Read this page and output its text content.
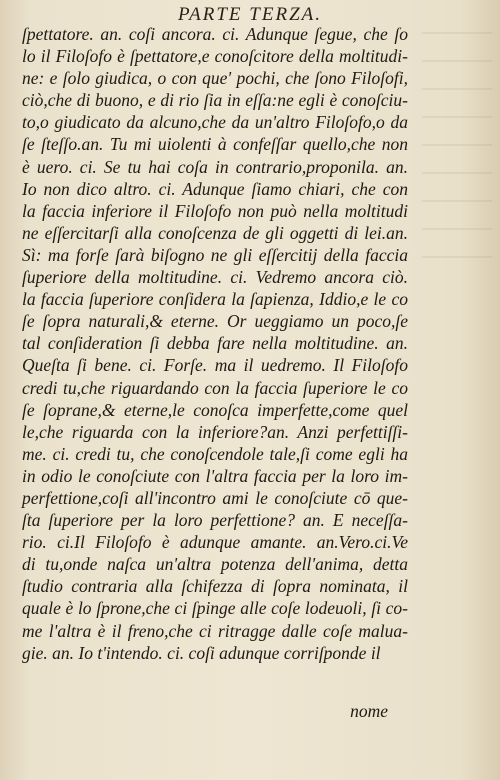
PARTE TERZA.
ſpettatore. an. coſi ancora. ci. Adunque ſegue, che ſo
lo il Filoſofo è ſpettatore,e conoſcitore della moltitudi-
ne: e ſolo giudica, o con que' pochi, che ſono Filoſofi,
ciò,che di buono, e di rio ſia in eſſa:ne egli è conoſciu-
to,o giudicato da alcuno,che da un'altro Filoſofo,o da
ſe ſteſſo.an. Tu mi uiolenti à confeſſar quello,che non
è uero. ci. Se tu hai coſa in contrario,proponila. an.
Io non dico altro. ci. Adunque ſiamo chiari, che con
la faccia inferiore il Filoſofo non può nella moltitudi
ne eſſercitarſi alla conoſcenza de gli oggetti di lei.an.
Sì: ma forſe ſarà biſogno ne gli eſſercitij della faccia
ſuperiore della moltitudine. ci. Vedremo ancora ciò.
la faccia ſuperiore conſidera la ſapienza, Iddio,e le co
ſe ſopra naturali,& eterne. Or ueggiamo un poco,ſe
tal conſideration ſi debba fare nella moltitudine. an.
Queſta ſi bene. ci. Forſe. ma il uedremo. Il Filoſofo
credi tu,che riguardando con la faccia ſuperiore le co
ſe ſoprane,& eterne,le conoſca imperfette,come quel
le,che riguarda con la inferiore?an. Anzi perfettiſſi-
me. ci. credi tu, che conoſcendole tale,ſi come egli ha
in odio le conoſciute con l'altra faccia per la loro im-
perfettione,coſi all'incontro ami le conoſciute cō que-
ſta ſuperiore per la loro perfettione? an. E neceſſa-
rio. ci.Il Filoſofo è adunque amante. an.Vero.ci.Ve
di tu,onde naſca un'altra potenza dell'anima, detta
ſtudio contraria alla ſchifezza di ſopra nominata, il
quale è lo ſprone,che ci ſpinge alle coſe lodeuoli, ſi co-
me l'altra è il freno,che ci ritragge dalle coſe malua-
gie. an. Io t'intendo. ci. coſi adunque corriſponde il
nome
